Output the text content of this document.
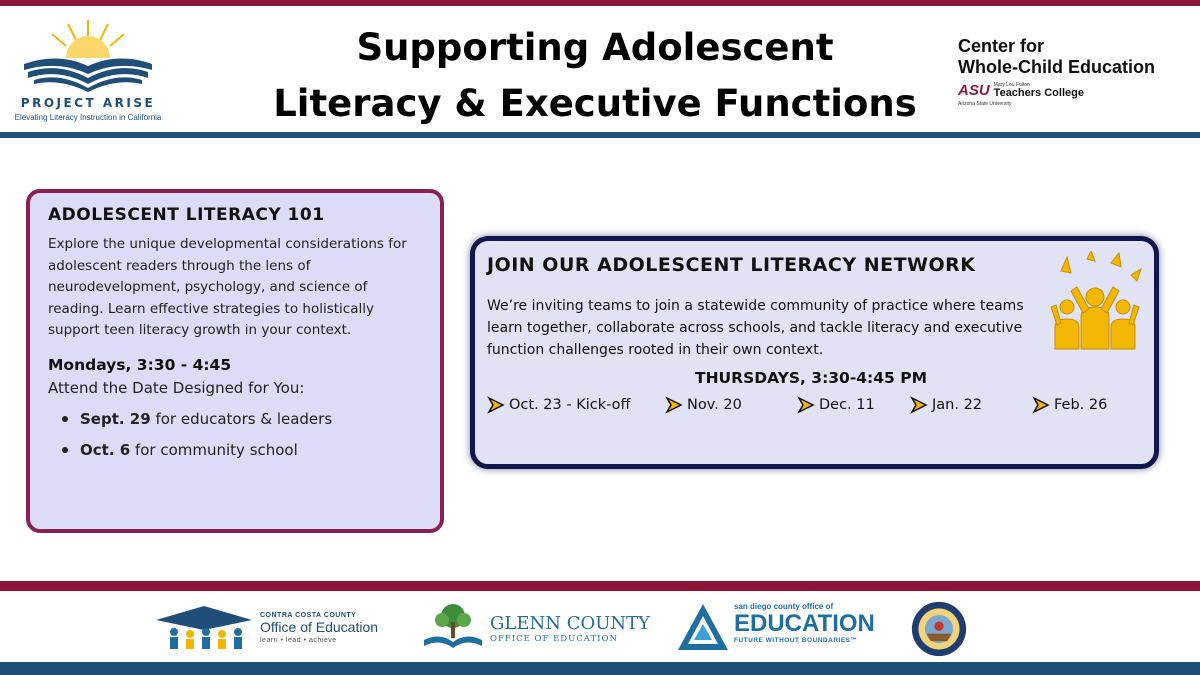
PROJECT ARISE
Elevating Literacy Instruction in California
Supporting Adolescent
Literacy & Executive Functions
Center for
Whole-Child Education
ASU Mary Lou Fulton
Teachers College
Arizona State University
ADOLESCENT LITERACY 101
Explore the unique developmental considerations for adolescent readers through the lens of neurodevelopment, psychology, and science of reading. Learn effective strategies to holistically support teen literacy growth in your context.
Mondays, 3:30 - 4:45
Attend the Date Designed for You:
Sept. 29 for educators & leaders
Oct. 6 for community school
JOIN OUR ADOLESCENT LITERACY NETWORK
We’re inviting teams to join a statewide community of practice where teams learn together, collaborate across schools, and tackle literacy and executive function challenges rooted in their own context.
THURSDAYS, 3:30-4:45 PM
Oct. 23 - Kick-off	Nov. 20	Dec. 11	Jan. 22	Feb. 26
CONTRA COSTA COUNTY
Office of Education
learn • lead • achieve
GLENN COUNTY
OFFICE OF EDUCATION
san diego county office of
EDUCATION
FUTURE WITHOUT BOUNDARIES™
